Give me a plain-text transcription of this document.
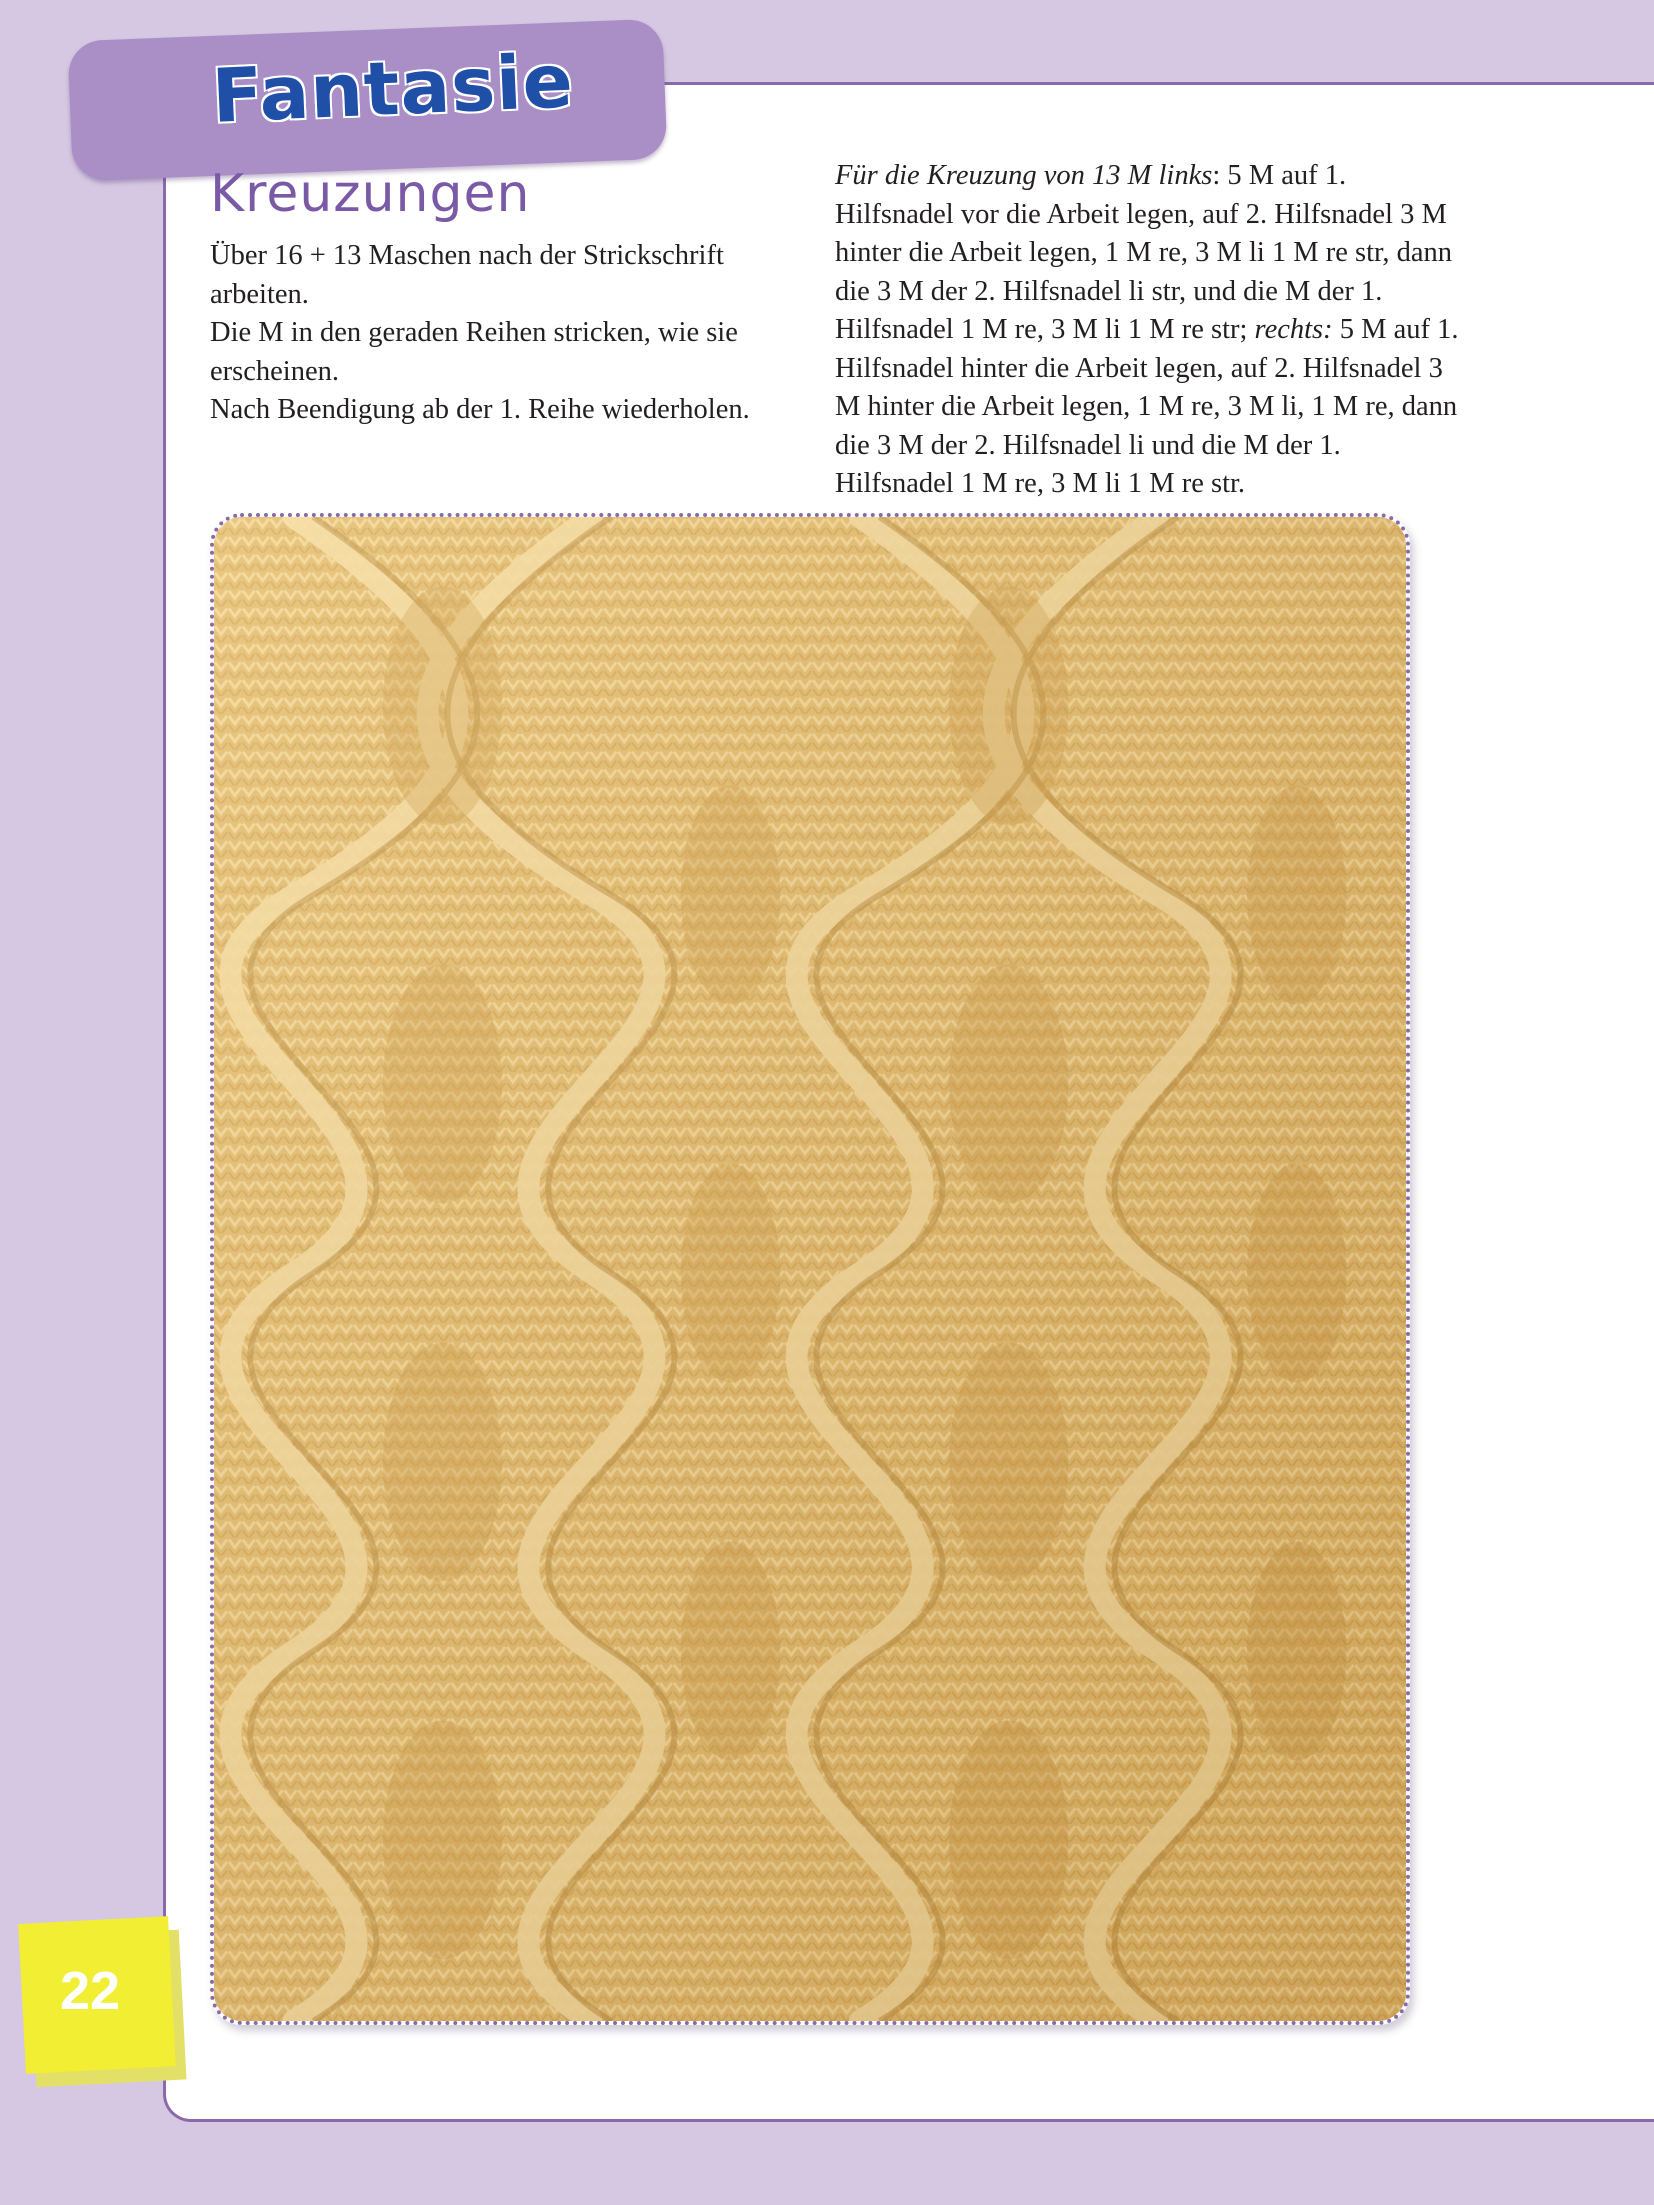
Fantasie
Kreuzungen

Über 16 + 13 Maschen nach der Strickschrift arbeiten.

Die M in den geraden Reihen stricken, wie sie erscheinen.

Nach Beendigung ab der 1. Reihe wiederholen.

Für die Kreuzung von 13 M links: 5 M auf 1. Hilfsnadel vor die Arbeit legen, auf 2. Hilfsnadel 3 M hinter die Arbeit legen, 1 M re, 3 M li 1 M re str, dann die 3 M der 2. Hilfsnadel li str, und die M der 1. Hilfsnadel 1 M re, 3 M li 1 M re str; rechts: 5 M auf 1. Hilfsnadel hinter die Arbeit legen, auf 2. Hilfsnadel 3 M hinter die Arbeit legen, 1 M re, 3 M li, 1 M re, dann die 3 M der 2. Hilfsnadel li und die M der 1. Hilfsnadel 1 M re, 3 M li 1 M re str.

22
